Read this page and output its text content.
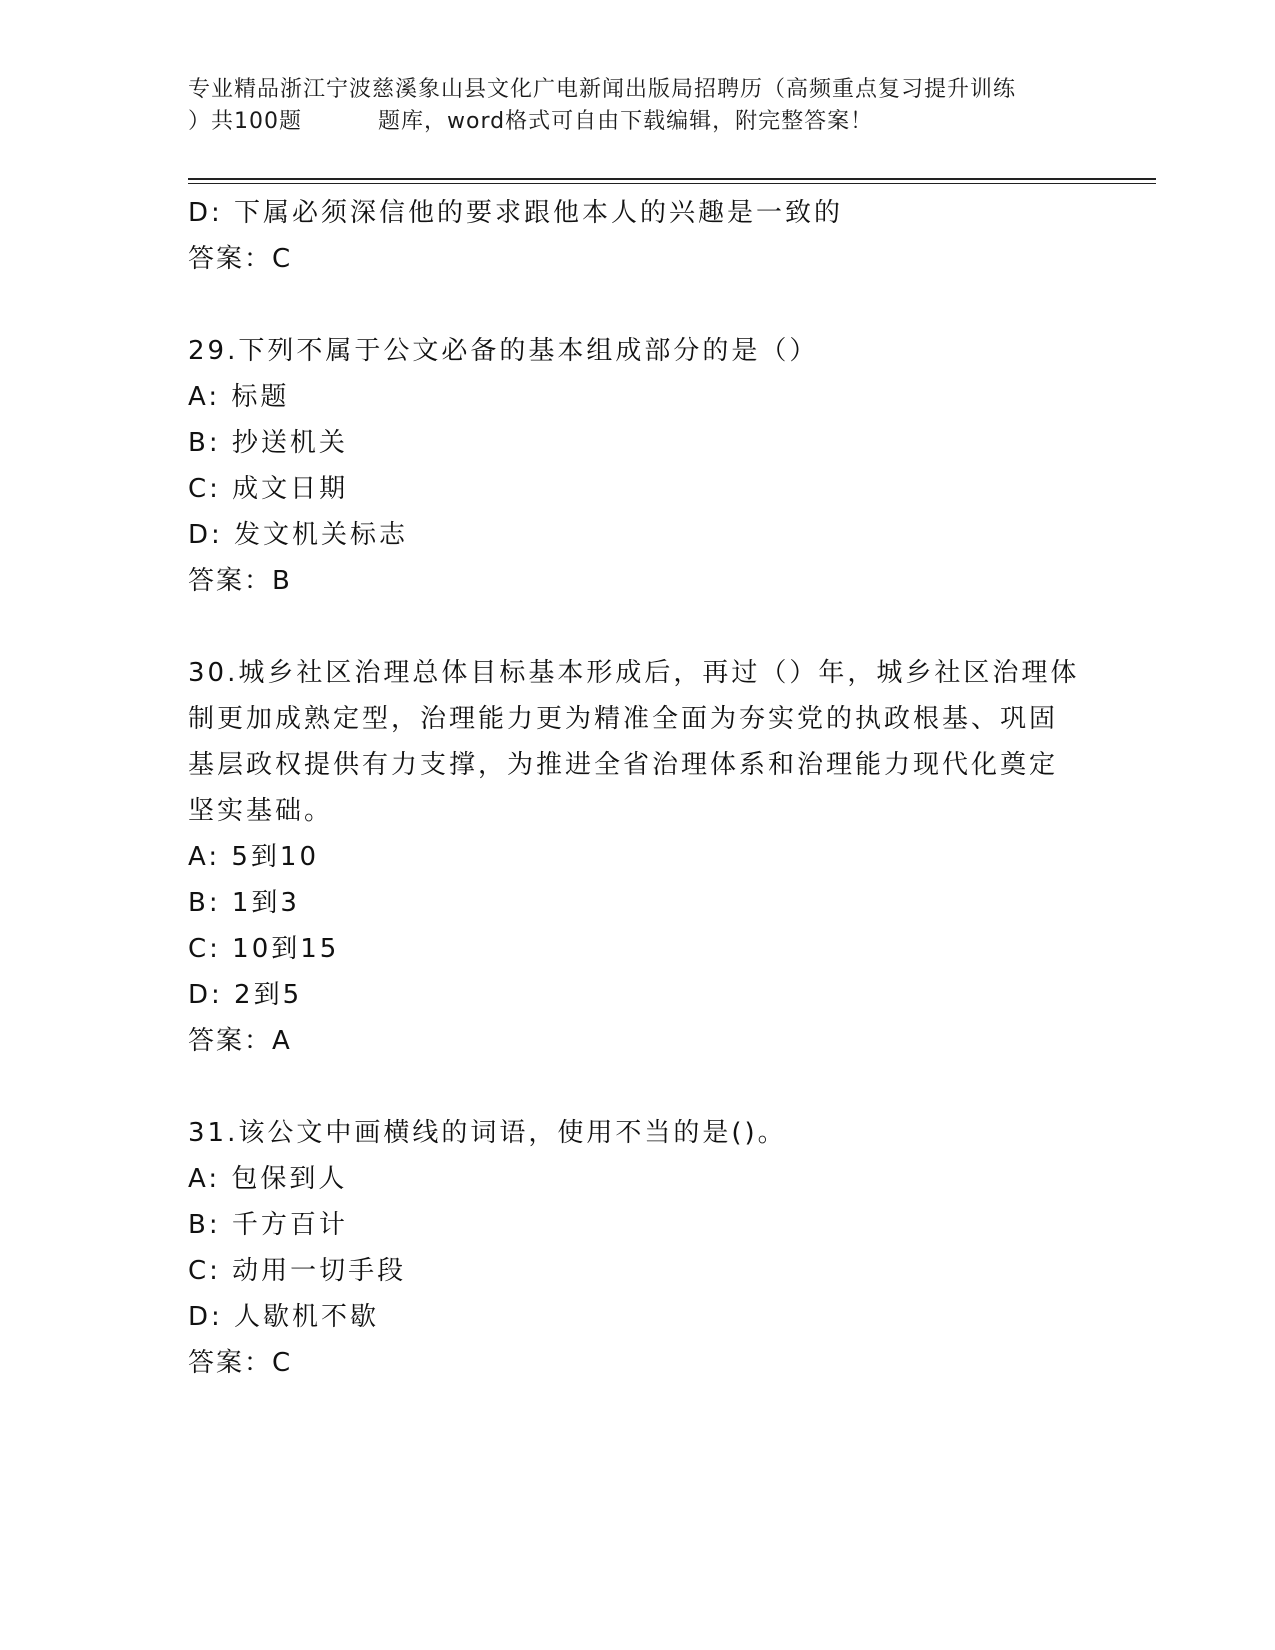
专业精品浙江宁波慈溪象山县文化广电新闻出版局招聘历（高频重点复习提升训练
）共100题	题库，word格式可自由下载编辑，附完整答案！
D: 下属必须深信他的要求跟他本人的兴趣是一致的
答案：C
29.下列不属于公文必备的基本组成部分的是（）
A: 标题
B: 抄送机关
C: 成文日期
D: 发文机关标志
答案：B
30.城乡社区治理总体目标基本形成后，再过（）年，城乡社区治理体
制更加成熟定型，治理能力更为精准全面为夯实党的执政根基、巩固
基层政权提供有力支撑，为推进全省治理体系和治理能力现代化奠定
坚实基础。
A: 5到10
B: 1到3
C: 10到15
D: 2到5
答案：A
31.该公文中画横线的词语，使用不当的是()。
A: 包保到人
B: 千方百计
C: 动用一切手段
D: 人歇机不歇
答案：C
